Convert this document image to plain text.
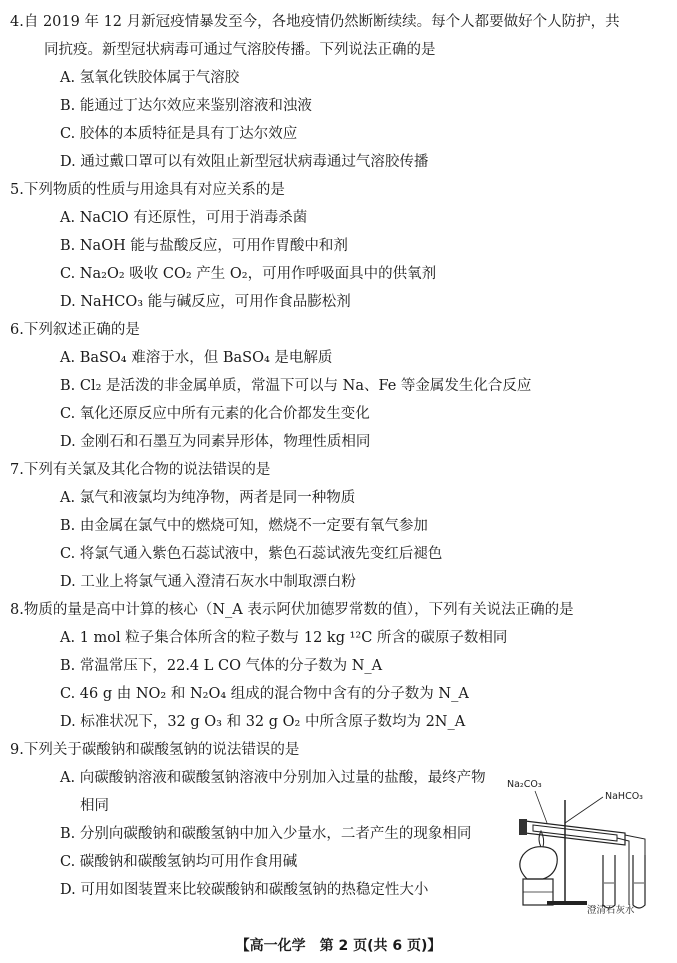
4.自 2019 年 12 月新冠疫情暴发至今，各地疫情仍然断断续续。每个人都要做好个人防护，共
同抗疫。新型冠状病毒可通过气溶胶传播。下列说法正确的是
A. 氢氧化铁胶体属于气溶胶
B. 能通过丁达尔效应来鉴别溶液和浊液
C. 胶体的本质特征是具有丁达尔效应
D. 通过戴口罩可以有效阻止新型冠状病毒通过气溶胶传播
5.下列物质的性质与用途具有对应关系的是
A. NaClO 有还原性，可用于消毒杀菌
B. NaOH 能与盐酸反应，可用作胃酸中和剂
C. Na₂O₂ 吸收 CO₂ 产生 O₂，可用作呼吸面具中的供氧剂
D. NaHCO₃ 能与碱反应，可用作食品膨松剂
6.下列叙述正确的是
A. BaSO₄ 难溶于水，但 BaSO₄ 是电解质
B. Cl₂ 是活泼的非金属单质，常温下可以与 Na、Fe 等金属发生化合反应
C. 氧化还原反应中所有元素的化合价都发生变化
D. 金刚石和石墨互为同素异形体，物理性质相同
7.下列有关氯及其化合物的说法错误的是
A. 氯气和液氯均为纯净物，两者是同一种物质
B. 由金属在氯气中的燃烧可知，燃烧不一定要有氧气参加
C. 将氯气通入紫色石蕊试液中，紫色石蕊试液先变红后褪色
D. 工业上将氯气通入澄清石灰水中制取漂白粉
8.物质的量是高中计算的核心（N_A 表示阿伏加德罗常数的值），下列有关说法正确的是
A. 1 mol 粒子集合体所含的粒子数与 12 kg ¹²C 所含的碳原子数相同
B. 常温常压下，22.4 L CO 气体的分子数为 N_A
C. 46 g 由 NO₂ 和 N₂O₄ 组成的混合物中含有的分子数为 N_A
D. 标准状况下，32 g O₃ 和 32 g O₂ 中所含原子数均为 2N_A
9.下列关于碳酸钠和碳酸氢钠的说法错误的是
A. 向碳酸钠溶液和碳酸氢钠溶液中分别加入过量的盐酸，最终产物
相同
B. 分别向碳酸钠和碳酸氢钠中加入少量水，二者产生的现象相同
C. 碳酸钠和碳酸氢钠均可用作食用碱
D. 可用如图装置来比较碳酸钠和碳酸氢钠的热稳定性大小
Na₂CO₃
NaHCO₃
澄清石灰水
【高一化学　第 2 页(共 6 页)】
